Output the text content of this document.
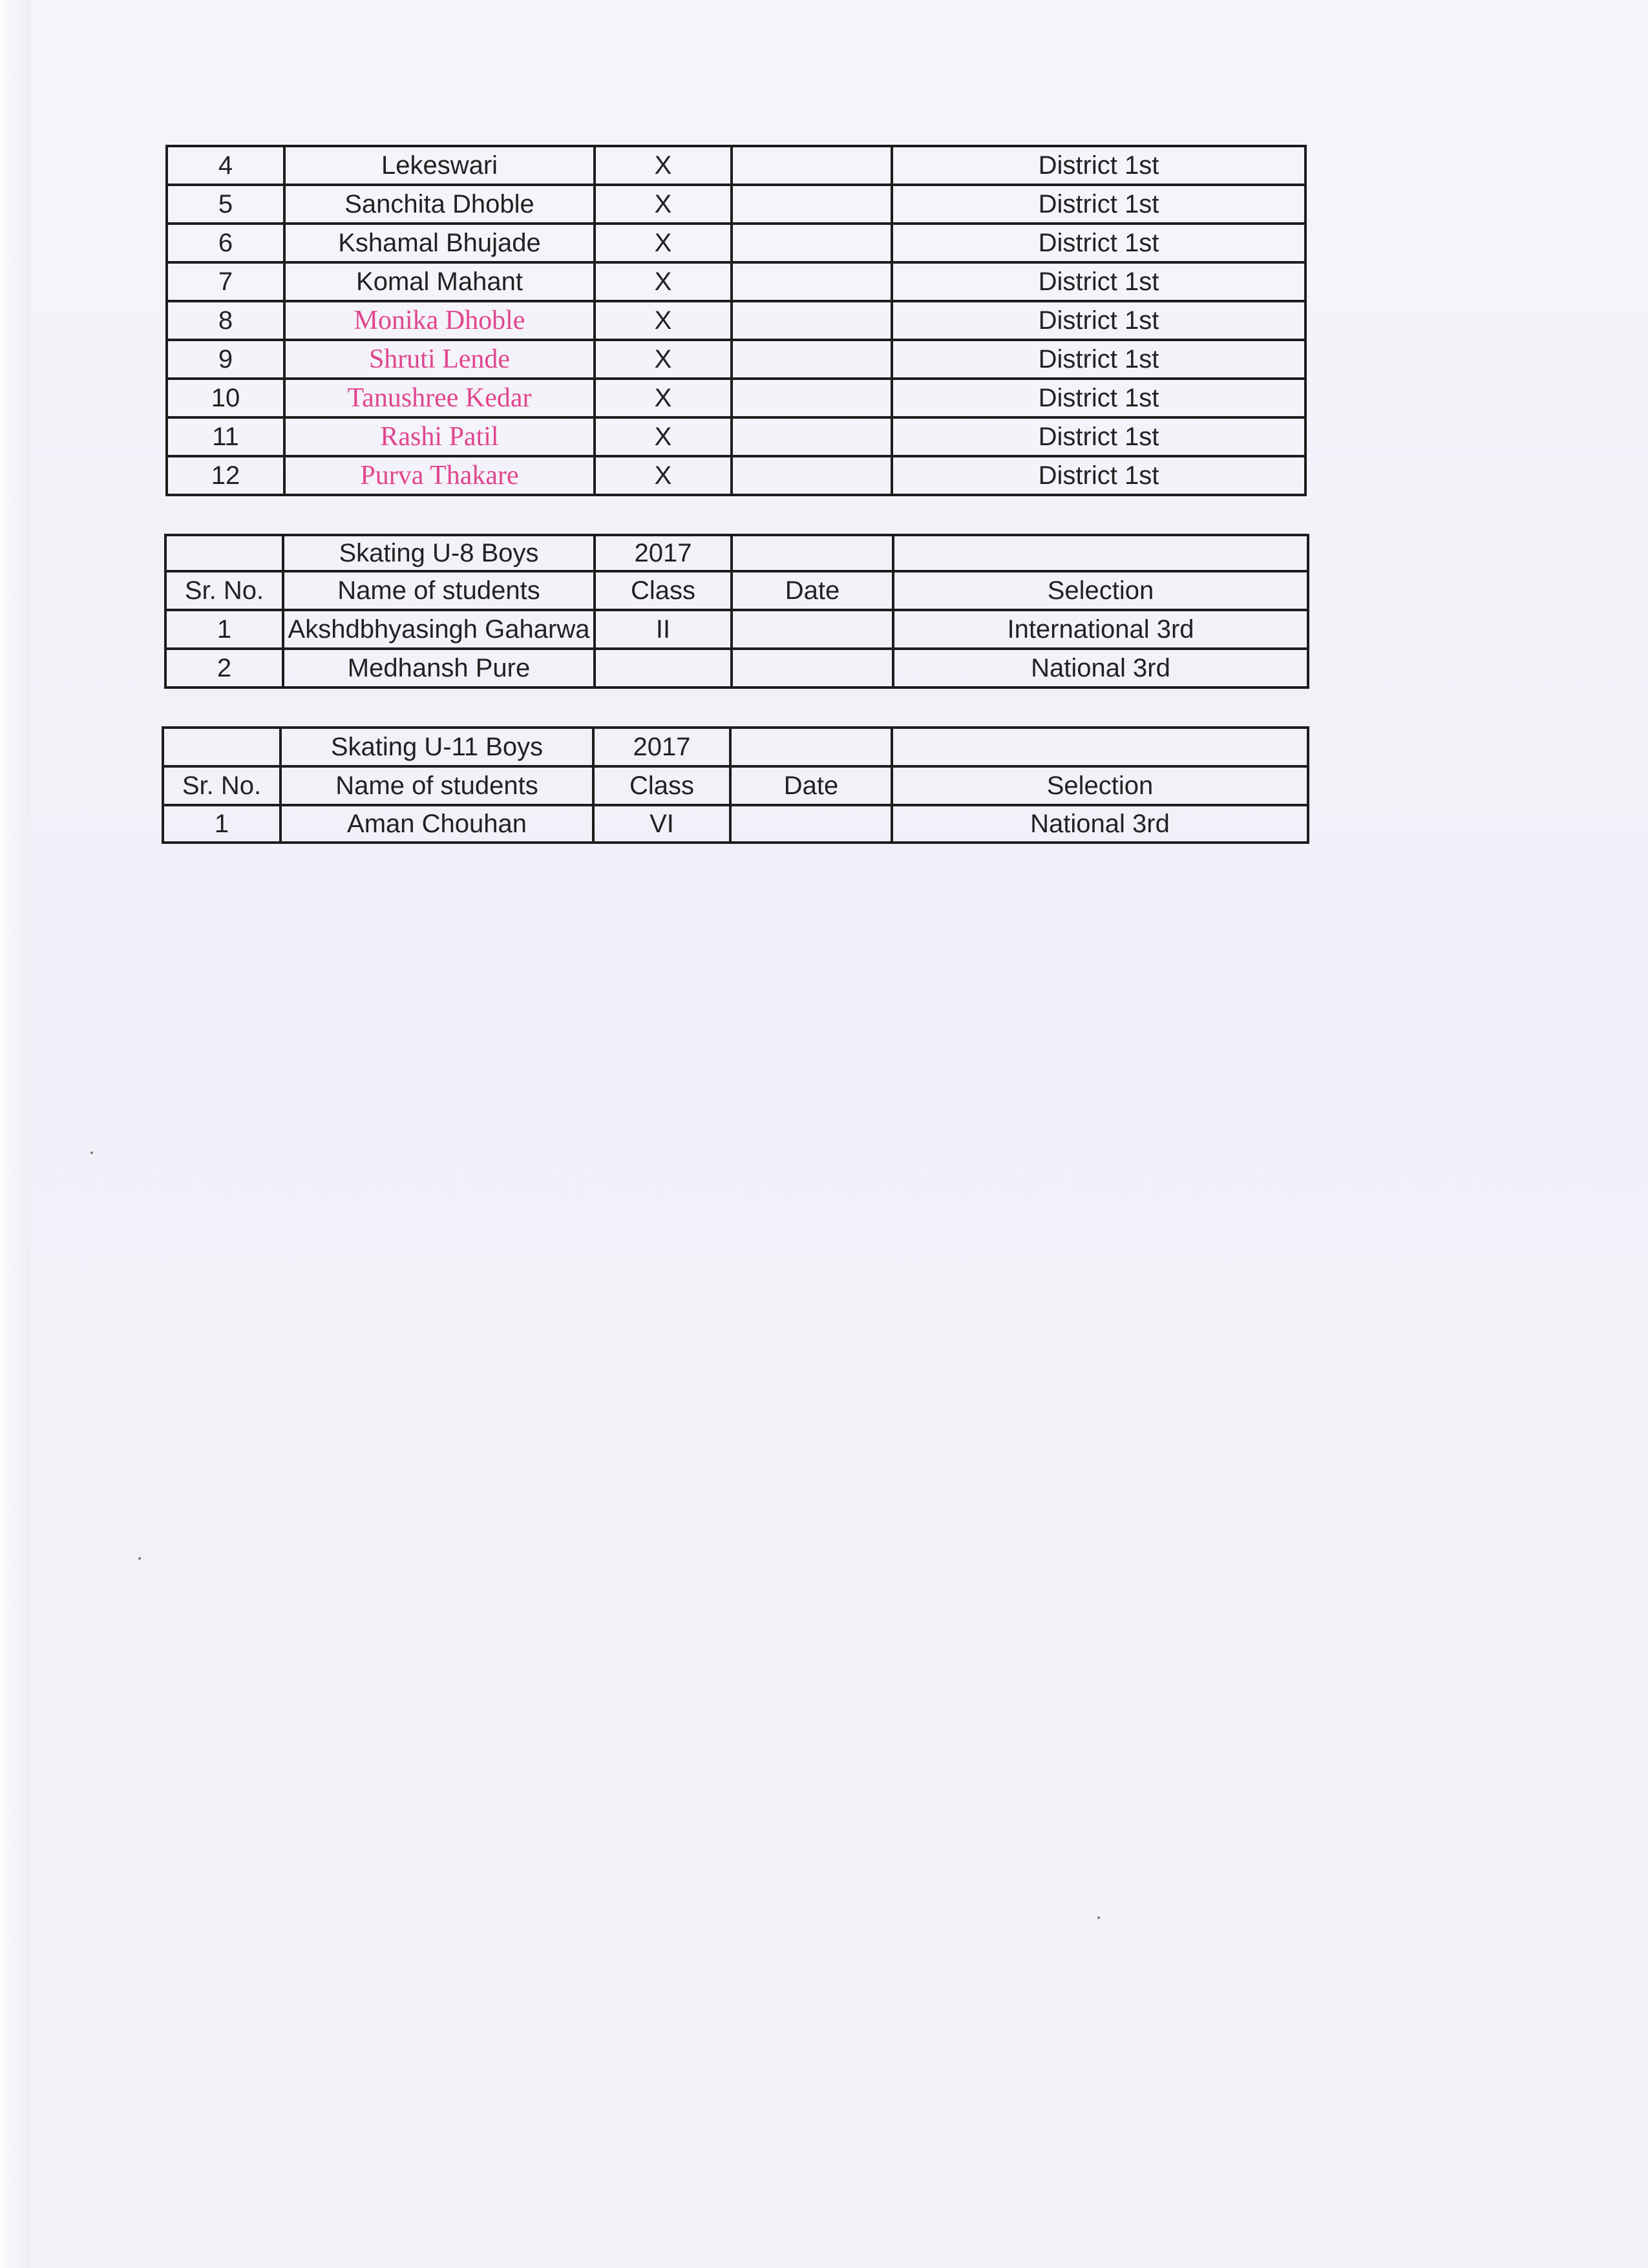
4	Lekeswari	X		District 1st
5	Sanchita Dhoble	X		District 1st
6	Kshamal Bhujade	X		District 1st
7	Komal Mahant	X		District 1st
8	Monika Dhoble	X		District 1st
9	Shruti Lende	X		District 1st
10	Tanushree Kedar	X		District 1st
11	Rashi Patil	X		District 1st
12	Purva Thakare	X		District 1st
	Skating U-8 Boys	2017		
Sr. No.	Name of students	Class	Date	Selection
1	Akshdbhyasingh Gaharwa	II		International 3rd
2	Medhansh Pure			National 3rd
	Skating U-11 Boys	2017		
Sr. No.	Name of students	Class	Date	Selection
1	Aman Chouhan	VI		National 3rd
